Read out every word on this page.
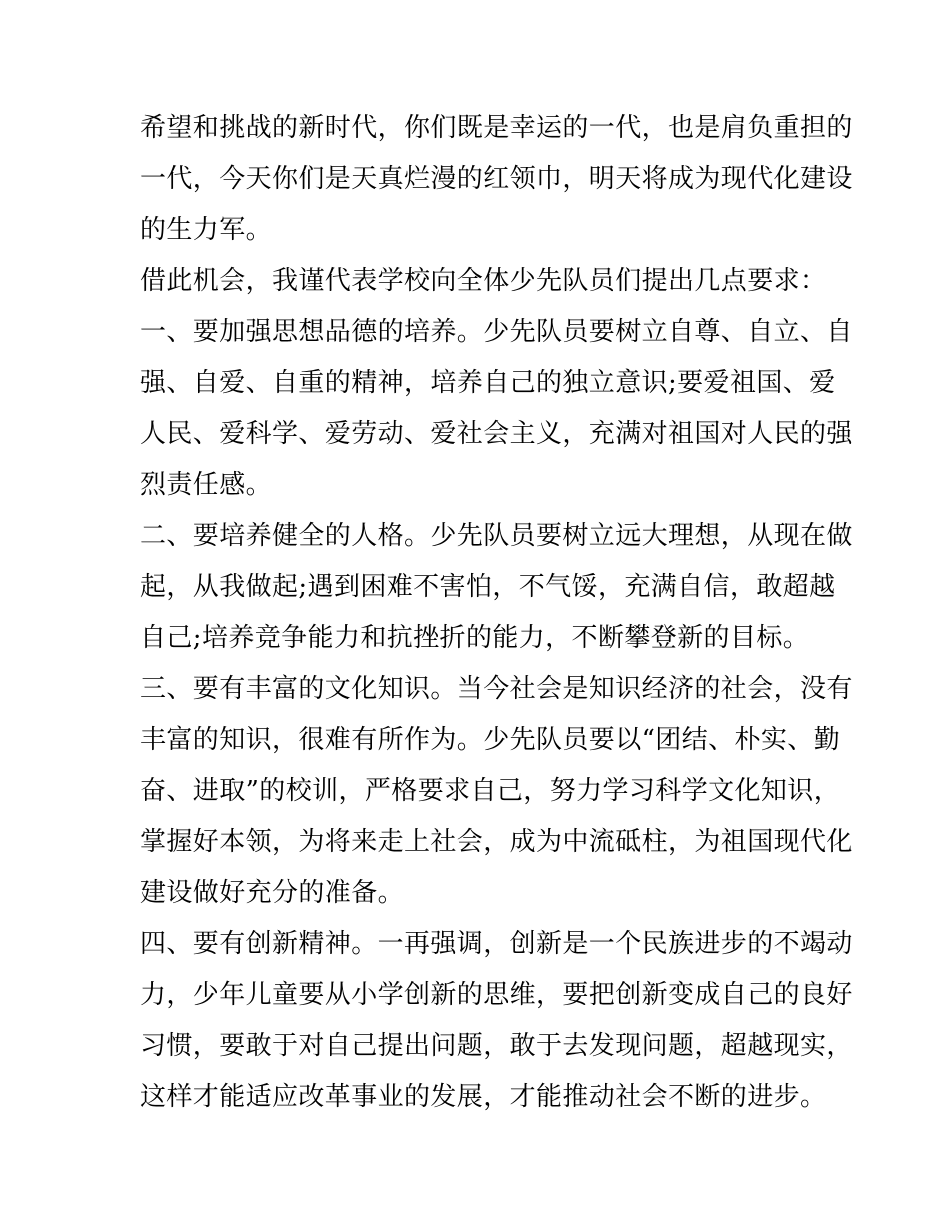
希望和挑战的新时代，你们既是幸运的一代，也是肩负重担的
一代，今天你们是天真烂漫的红领巾，明天将成为现代化建设
的生力军。
借此机会，我谨代表学校向全体少先队员们提出几点要求：
一、要加强思想品德的培养。少先队员要树立自尊、自立、自
强、自爱、自重的精神，培养自己的独立意识;要爱祖国、爱
人民、爱科学、爱劳动、爱社会主义，充满对祖国对人民的强
烈责任感。
二、要培养健全的人格。少先队员要树立远大理想，从现在做
起，从我做起;遇到困难不害怕，不气馁，充满自信，敢超越
自己;培养竞争能力和抗挫折的能力，不断攀登新的目标。
三、要有丰富的文化知识。当今社会是知识经济的社会，没有
丰富的知识，很难有所作为。少先队员要以“团结、朴实、勤
奋、进取”的校训，严格要求自己，努力学习科学文化知识，
掌握好本领，为将来走上社会，成为中流砥柱，为祖国现代化
建设做好充分的准备。
四、要有创新精神。一再强调，创新是一个民族进步的不竭动
力，少年儿童要从小学创新的思维，要把创新变成自己的良好
习惯，要敢于对自己提出问题，敢于去发现问题，超越现实，
这样才能适应改革事业的发展，才能推动社会不断的进步。
